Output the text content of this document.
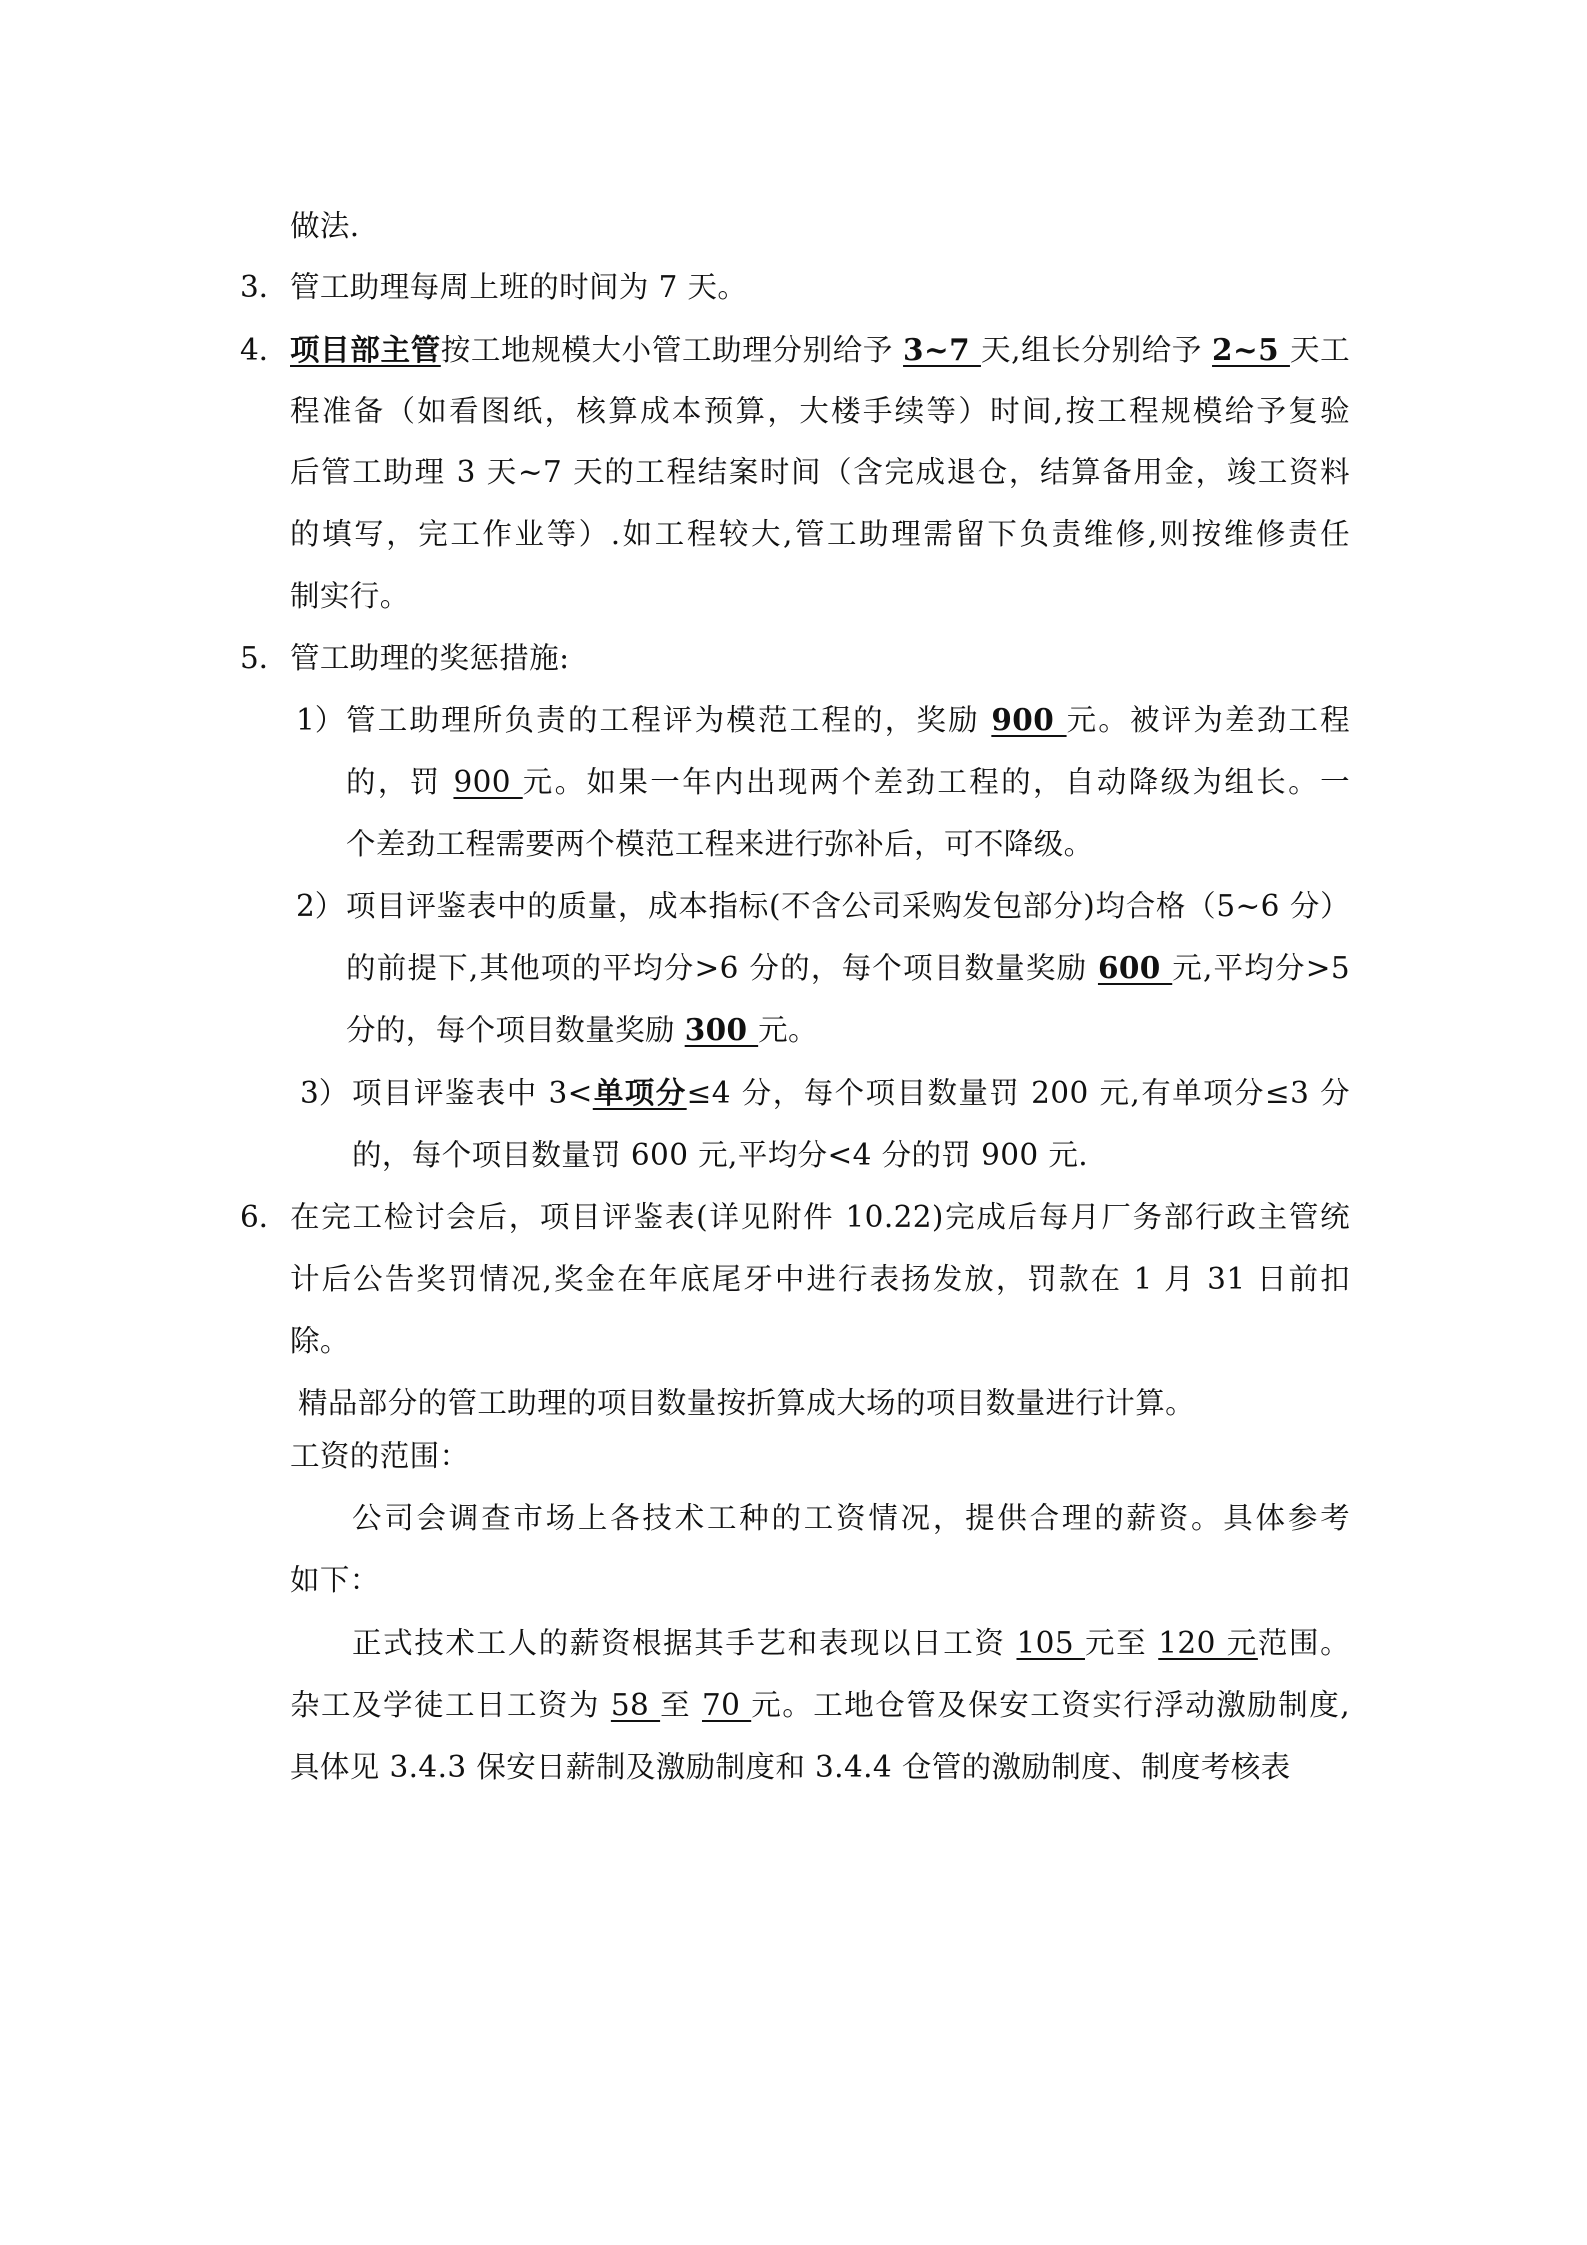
做法.
3． 管工助理每周上班的时间为 7 天。
4． 项目部主管按工地规模大小管工助理分别给予 3~7 天,组长分别给予 2~5 天工
程准备（如看图纸，核算成本预算，大楼手续等）时间,按工程规模给予复验
后管工助理 3 天~7 天的工程结案时间（含完成退仓，结算备用金，竣工资料
的填写，完工作业等）.如工程较大,管工助理需留下负责维修,则按维修责任
制实行。
5． 管工助理的奖惩措施:
1） 管工助理所负责的工程评为模范工程的，奖励 900 元。被评为差劲工程
的，罚 900 元。如果一年内出现两个差劲工程的，自动降级为组长。一
个差劲工程需要两个模范工程来进行弥补后，可不降级。
2） 项目评鉴表中的质量，成本指标(不含公司采购发包部分)均合格（5~6 分）
的前提下,其他项的平均分>6 分的，每个项目数量奖励 600 元,平均分>5
分的，每个项目数量奖励 300 元。
3） 项目评鉴表中 3<单项分≤4 分，每个项目数量罚 200 元,有单项分≤3 分
的，每个项目数量罚 600 元,平均分<4 分的罚 900 元.
6． 在完工检讨会后，项目评鉴表(详见附件 10.22)完成后每月厂务部行政主管统
计后公告奖罚情况,奖金在年底尾牙中进行表扬发放，罚款在 1 月 31 日前扣
除。
精品部分的管工助理的项目数量按折算成大场的项目数量进行计算。
工资的范围：
公司会调查市场上各技术工种的工资情况，提供合理的薪资。具体参考
如下：
正式技术工人的薪资根据其手艺和表现以日工资 105 元至 120 元范围。
杂工及学徒工日工资为 58 至 70 元。工地仓管及保安工资实行浮动激励制度,
具体见 3.4.3 保安日薪制及激励制度和 3.4.4 仓管的激励制度、制度考核表
